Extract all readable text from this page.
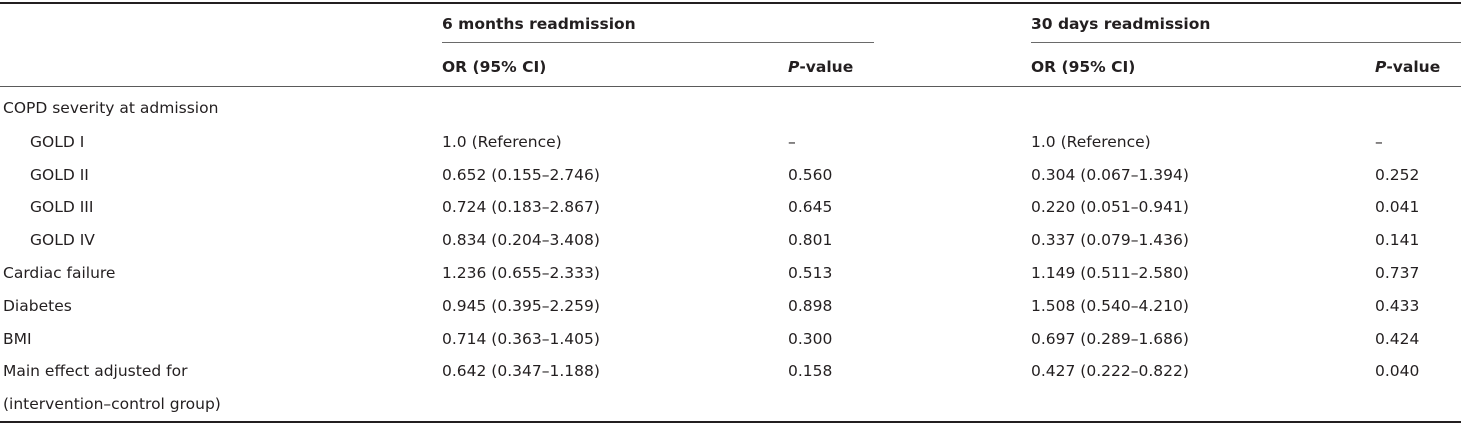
6 months readmission	30 days readmission
OR (95% CI)	P-value	OR (95% CI)	P-value
COPD severity at admission
GOLD I	1.0 (Reference)	–	1.0 (Reference)	–
GOLD II	0.652 (0.155–2.746)	0.560	0.304 (0.067–1.394)	0.252
GOLD III	0.724 (0.183–2.867)	0.645	0.220 (0.051–0.941)	0.041
GOLD IV	0.834 (0.204–3.408)	0.801	0.337 (0.079–1.436)	0.141
Cardiac failure	1.236 (0.655–2.333)	0.513	1.149 (0.511–2.580)	0.737
Diabetes	0.945 (0.395–2.259)	0.898	1.508 (0.540–4.210)	0.433
BMI	0.714 (0.363–1.405)	0.300	0.697 (0.289–1.686)	0.424
Main effect adjusted for	0.642 (0.347–1.188)	0.158	0.427 (0.222–0.822)	0.040
(intervention–control group)
